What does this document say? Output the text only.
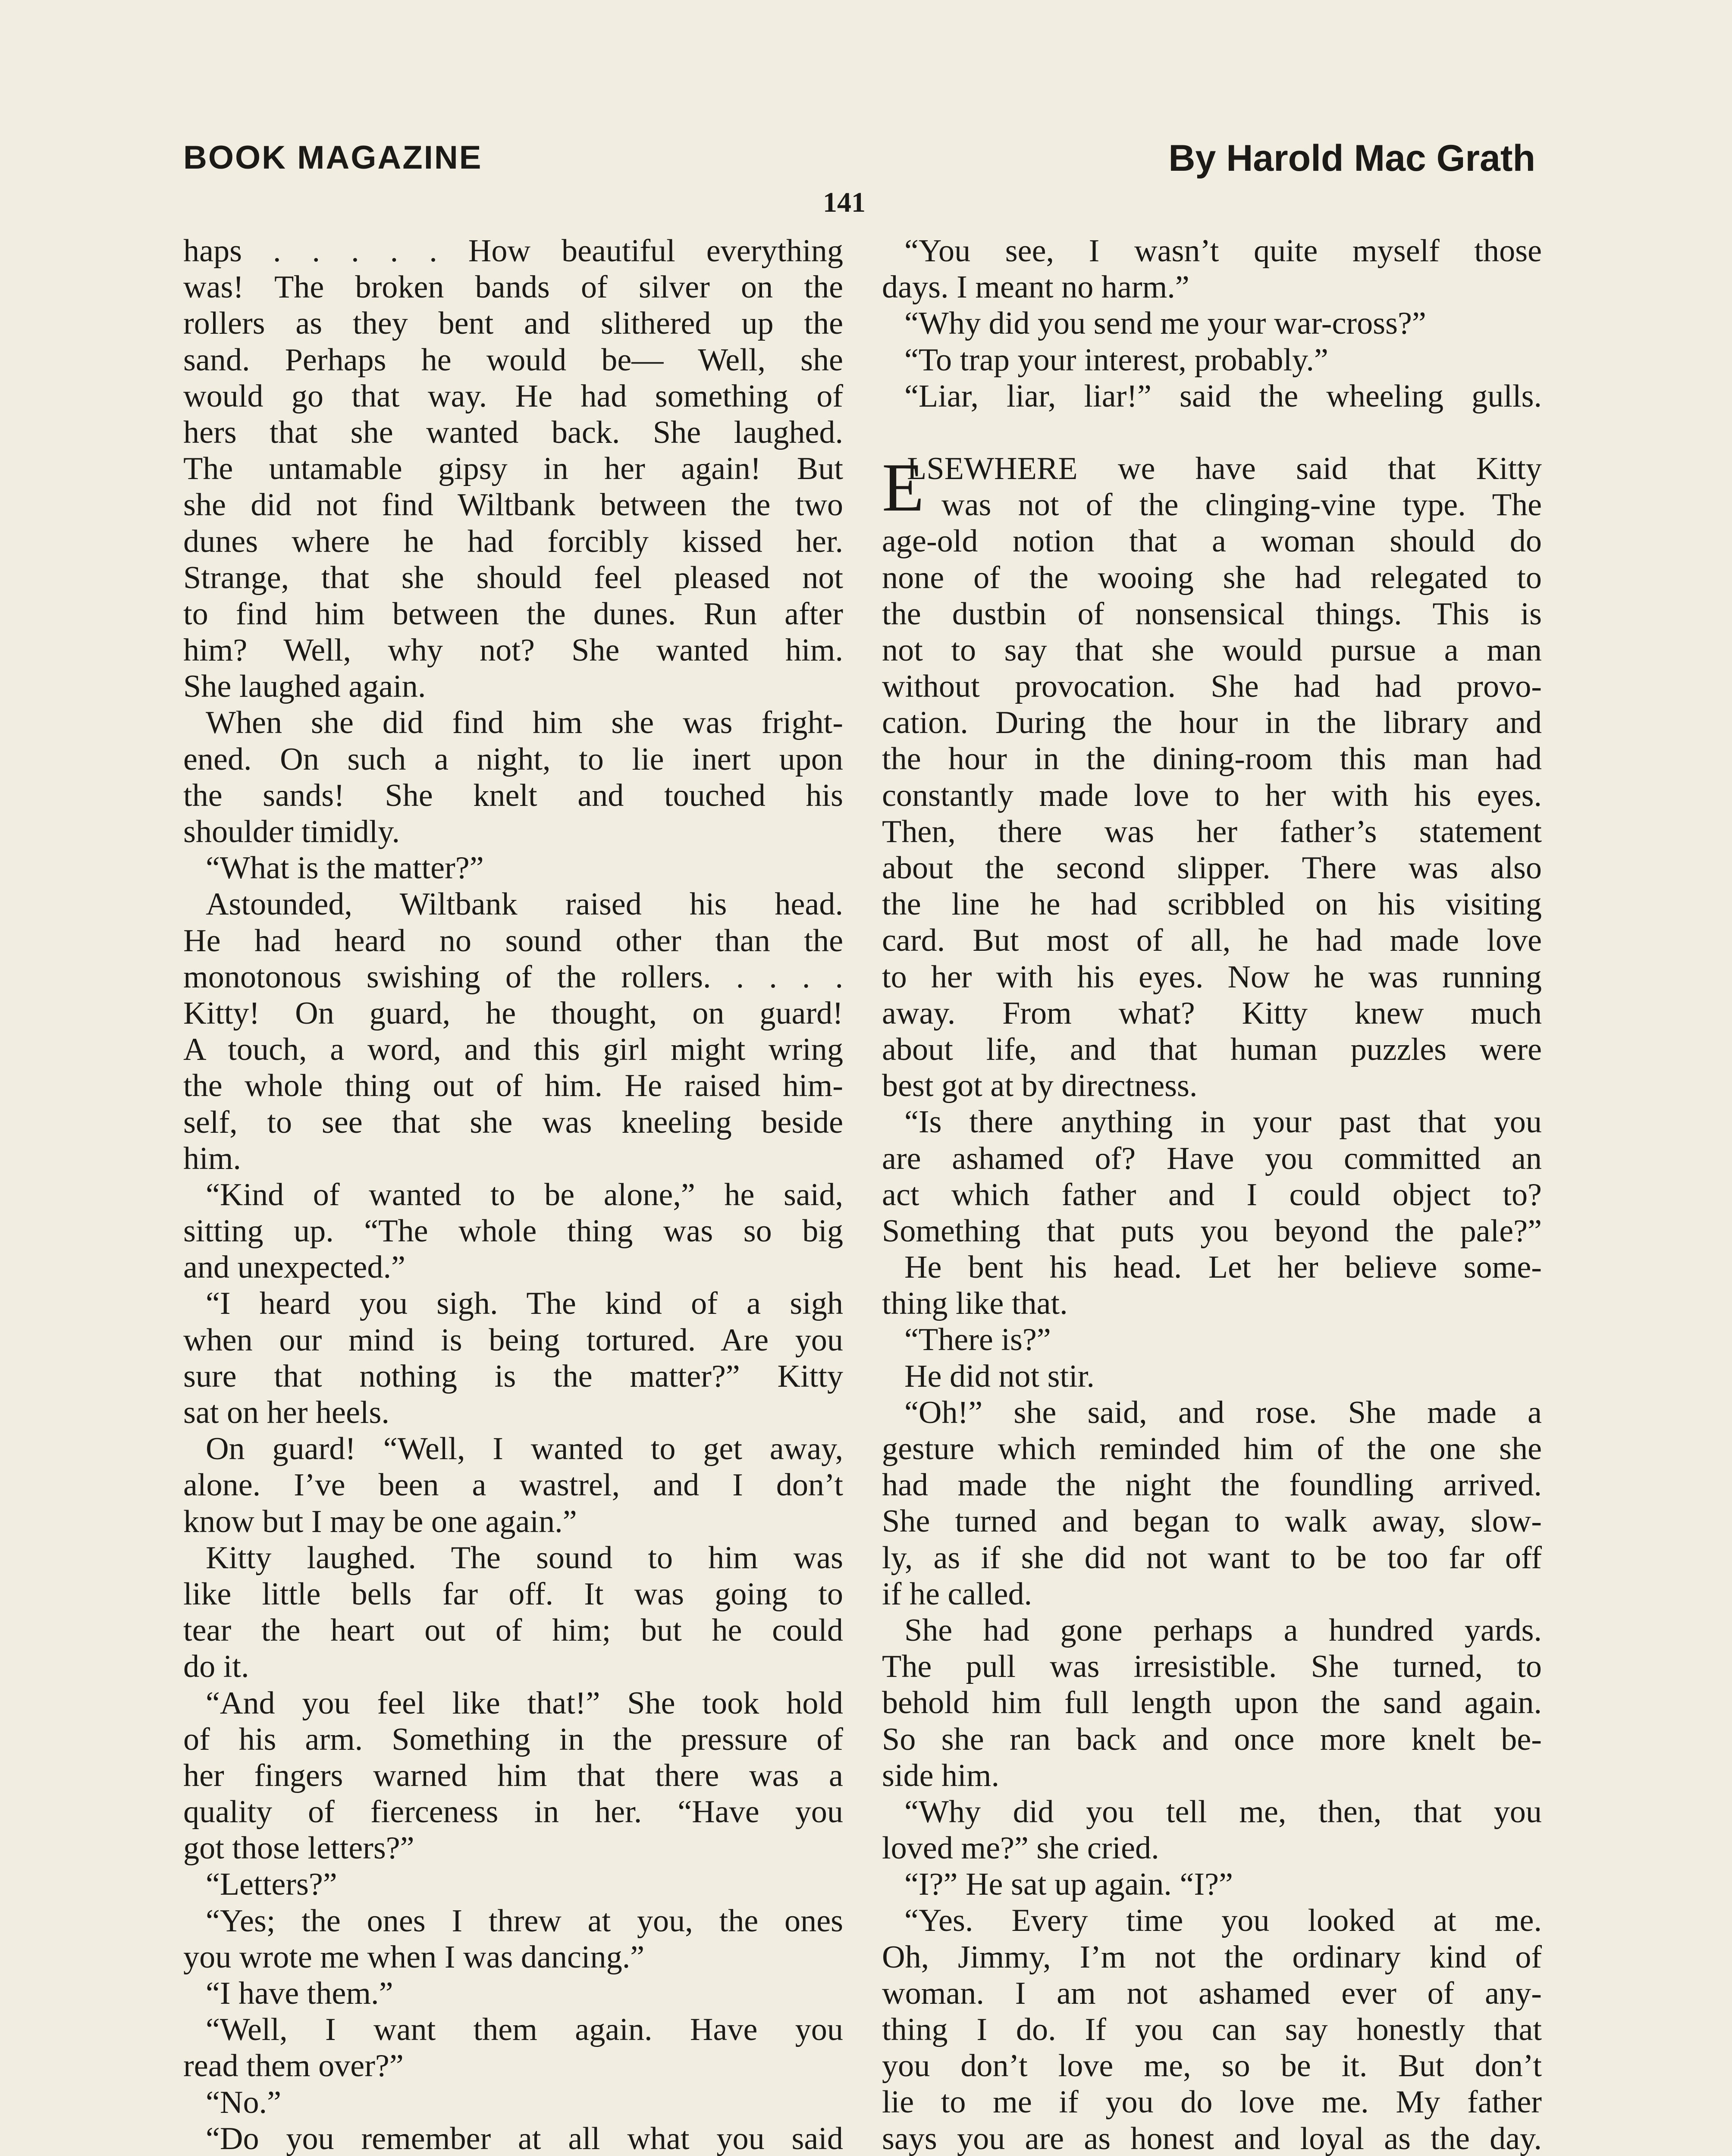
BOOK MAGAZINE	By Harold Mac Grath
141
haps . . . . . How beautiful everything
was! The broken bands of silver on the
rollers as they bent and slithered up the
sand. Perhaps he would be— Well, she
would go that way. He had something of
hers that she wanted back. She laughed.
The untamable gipsy in her again! But
she did not find Wiltbank between the two
dunes where he had forcibly kissed her.
Strange, that she should feel pleased not
to find him between the dunes. Run after
him? Well, why not? She wanted him.
She laughed again.
When she did find him she was fright-
ened. On such a night, to lie inert upon
the sands! She knelt and touched his
shoulder timidly.
“What is the matter?”
Astounded, Wiltbank raised his head.
He had heard no sound other than the
monotonous swishing of the rollers. . . . .
Kitty! On guard, he thought, on guard!
A touch, a word, and this girl might wring
the whole thing out of him. He raised him-
self, to see that she was kneeling beside
him.
“Kind of wanted to be alone,” he said,
sitting up. “The whole thing was so big
and unexpected.”
“I heard you sigh. The kind of a sigh
when our mind is being tortured. Are you
sure that nothing is the matter?” Kitty
sat on her heels.
On guard! “Well, I wanted to get away,
alone. I’ve been a wastrel, and I don’t
know but I may be one again.”
Kitty laughed. The sound to him was
like little bells far off. It was going to
tear the heart out of him; but he could
do it.
“And you feel like that!” She took hold
of his arm. Something in the pressure of
her fingers warned him that there was a
quality of fierceness in her. “Have you
got those letters?”
“Letters?”
“Yes; the ones I threw at you, the ones
you wrote me when I was dancing.”
“I have them.”
“Well, I want them again. Have you
read them over?”
“No.”
“Do you remember at all what you said
“You see, I wasn’t quite myself those
days. I meant no harm.”
“Why did you send me your war-cross?”
“To trap your interest, probably.”
“Liar, liar, liar!” said the wheeling gulls.
E
LSEWHERE we have said that Kitty
was not of the clinging-vine type. The
age-old notion that a woman should do
none of the wooing she had relegated to
the dustbin of nonsensical things. This is
not to say that she would pursue a man
without provocation. She had had provo-
cation. During the hour in the library and
the hour in the dining-room this man had
constantly made love to her with his eyes.
Then, there was her father’s statement
about the second slipper. There was also
the line he had scribbled on his visiting
card. But most of all, he had made love
to her with his eyes. Now he was running
away. From what? Kitty knew much
about life, and that human puzzles were
best got at by directness.
“Is there anything in your past that you
are ashamed of? Have you committed an
act which father and I could object to?
Something that puts you beyond the pale?”
He bent his head. Let her believe some-
thing like that.
“There is?”
He did not stir.
“Oh!” she said, and rose. She made a
gesture which reminded him of the one she
had made the night the foundling arrived.
She turned and began to walk away, slow-
ly, as if she did not want to be too far off
if he called.
She had gone perhaps a hundred yards.
The pull was irresistible. She turned, to
behold him full length upon the sand again.
So she ran back and once more knelt be-
side him.
“Why did you tell me, then, that you
loved me?” she cried.
“I?” He sat up again. “I?”
“Yes. Every time you looked at me.
Oh, Jimmy, I’m not the ordinary kind of
woman. I am not ashamed ever of any-
thing I do. If you can say honestly that
you don’t love me, so be it. But don’t
lie to me if you do love me. My father
says you are as honest and loyal as the day.
